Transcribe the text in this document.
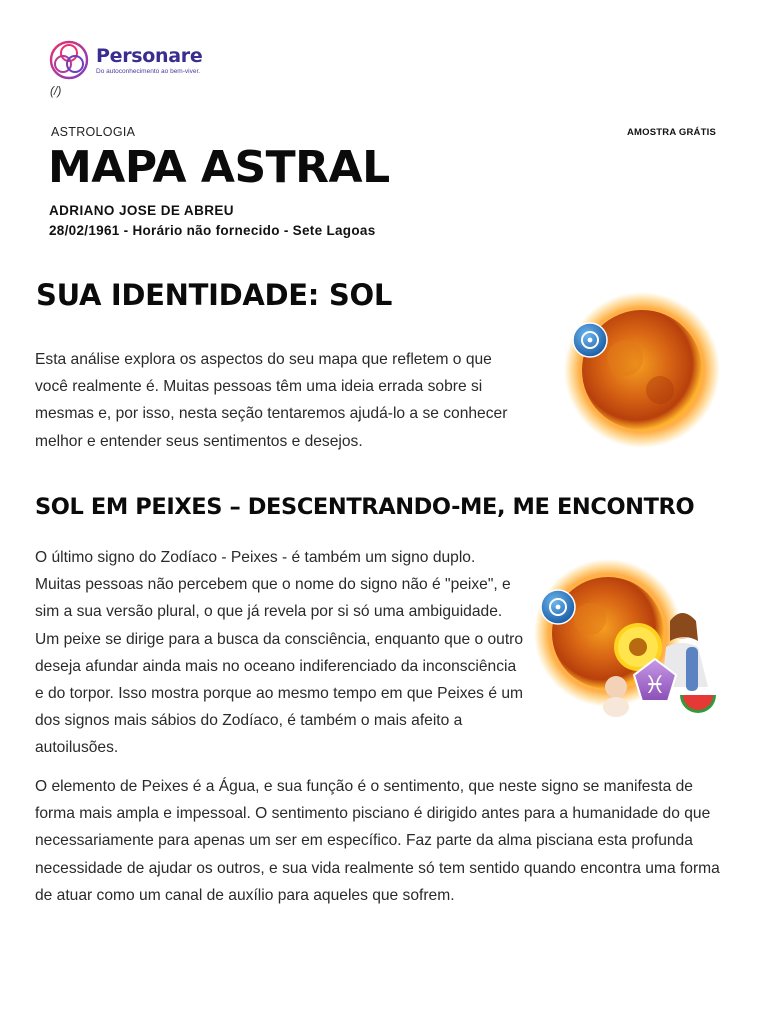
Personare
Do autoconhecimento ao bem-viver.
(/)
ASTROLOGIA	AMOSTRA GRÁTIS
MAPA ASTRAL
ADRIANO JOSE DE ABREU
28/02/1961 - Horário não fornecido - Sete Lagoas
SUA IDENTIDADE: SOL

Esta análise explora os aspectos do seu mapa que refletem o que você realmente é. Muitas pessoas têm uma ideia errada sobre si mesmas e, por isso, nesta seção tentaremos ajudá-lo a se conhecer melhor e entender seus sentimentos e desejos.

SOL EM PEIXES – DESCENTRANDO-ME, ME ENCONTRO

O último signo do Zodíaco - Peixes - é também um signo duplo. Muitas pessoas não percebem que o nome do signo não é "peixe", e sim a sua versão plural, o que já revela por si só uma ambiguidade. Um peixe se dirige para a busca da consciência, enquanto que o outro deseja afundar ainda mais no oceano indiferenciado da inconsciência e do torpor. Isso mostra porque ao mesmo tempo em que Peixes é um dos signos mais sábios do Zodíaco, é também o mais afeito a autoilusões.

O elemento de Peixes é a Água, e sua função é o sentimento, que neste signo se manifesta de forma mais ampla e impessoal. O sentimento pisciano é dirigido antes para a humanidade do que necessariamente para apenas um ser em específico. Faz parte da alma pisciana esta profunda necessidade de ajudar os outros, e sua vida realmente só tem sentido quando encontra uma forma de atuar como um canal de auxílio para aqueles que sofrem.

♓
